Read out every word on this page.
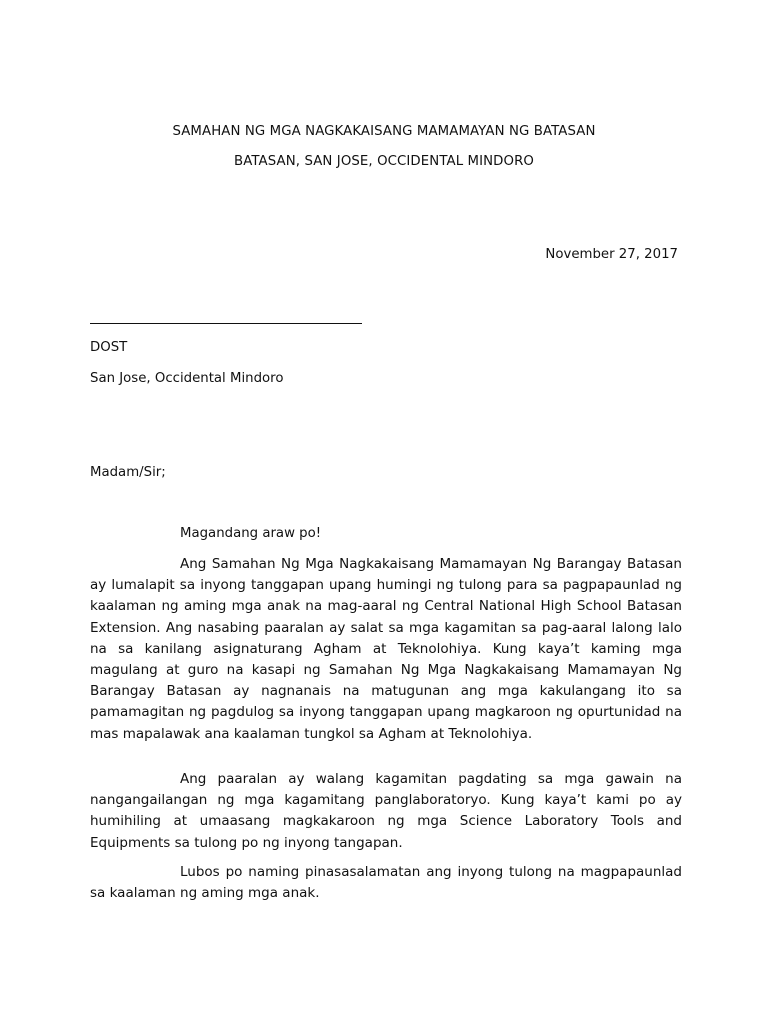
SAMAHAN NG MGA NAGKAKAISANG MAMAMAYAN NG BATASAN
BATASAN, SAN JOSE, OCCIDENTAL MINDORO
November 27, 2017
DOST
San Jose, Occidental Mindoro
Madam/Sir;
Magandang araw po!
Ang Samahan Ng Mga Nagkakaisang Mamamayan Ng Barangay Batasan ay lumalapit sa inyong tanggapan upang humingi ng tulong para sa pagpapaunlad ng kaalaman ng aming mga anak na mag-aaral ng Central National High School Batasan Extension. Ang nasabing paaralan ay salat sa mga kagamitan sa pag-aaral lalong lalo na sa kanilang asignaturang Agham at Teknolohiya. Kung kaya’t kaming mga magulang at guro na kasapi ng Samahan Ng Mga Nagkakaisang Mamamayan Ng Barangay Batasan ay nagnanais na matugunan ang mga kakulangang ito sa pamamagitan ng pagdulog sa inyong tanggapan upang magkaroon ng opurtunidad na mas mapalawak ana kaalaman tungkol sa Agham at Teknolohiya.
Ang paaralan ay walang kagamitan pagdating sa mga gawain na nangangailangan ng mga kagamitang panglaboratoryo. Kung kaya’t kami po ay humihiling at umaasang magkakaroon ng mga Science Laboratory Tools and Equipments sa tulong po ng inyong tangapan.
Lubos po naming pinasasalamatan ang inyong tulong na magpapaunlad sa kaalaman ng aming mga anak.
